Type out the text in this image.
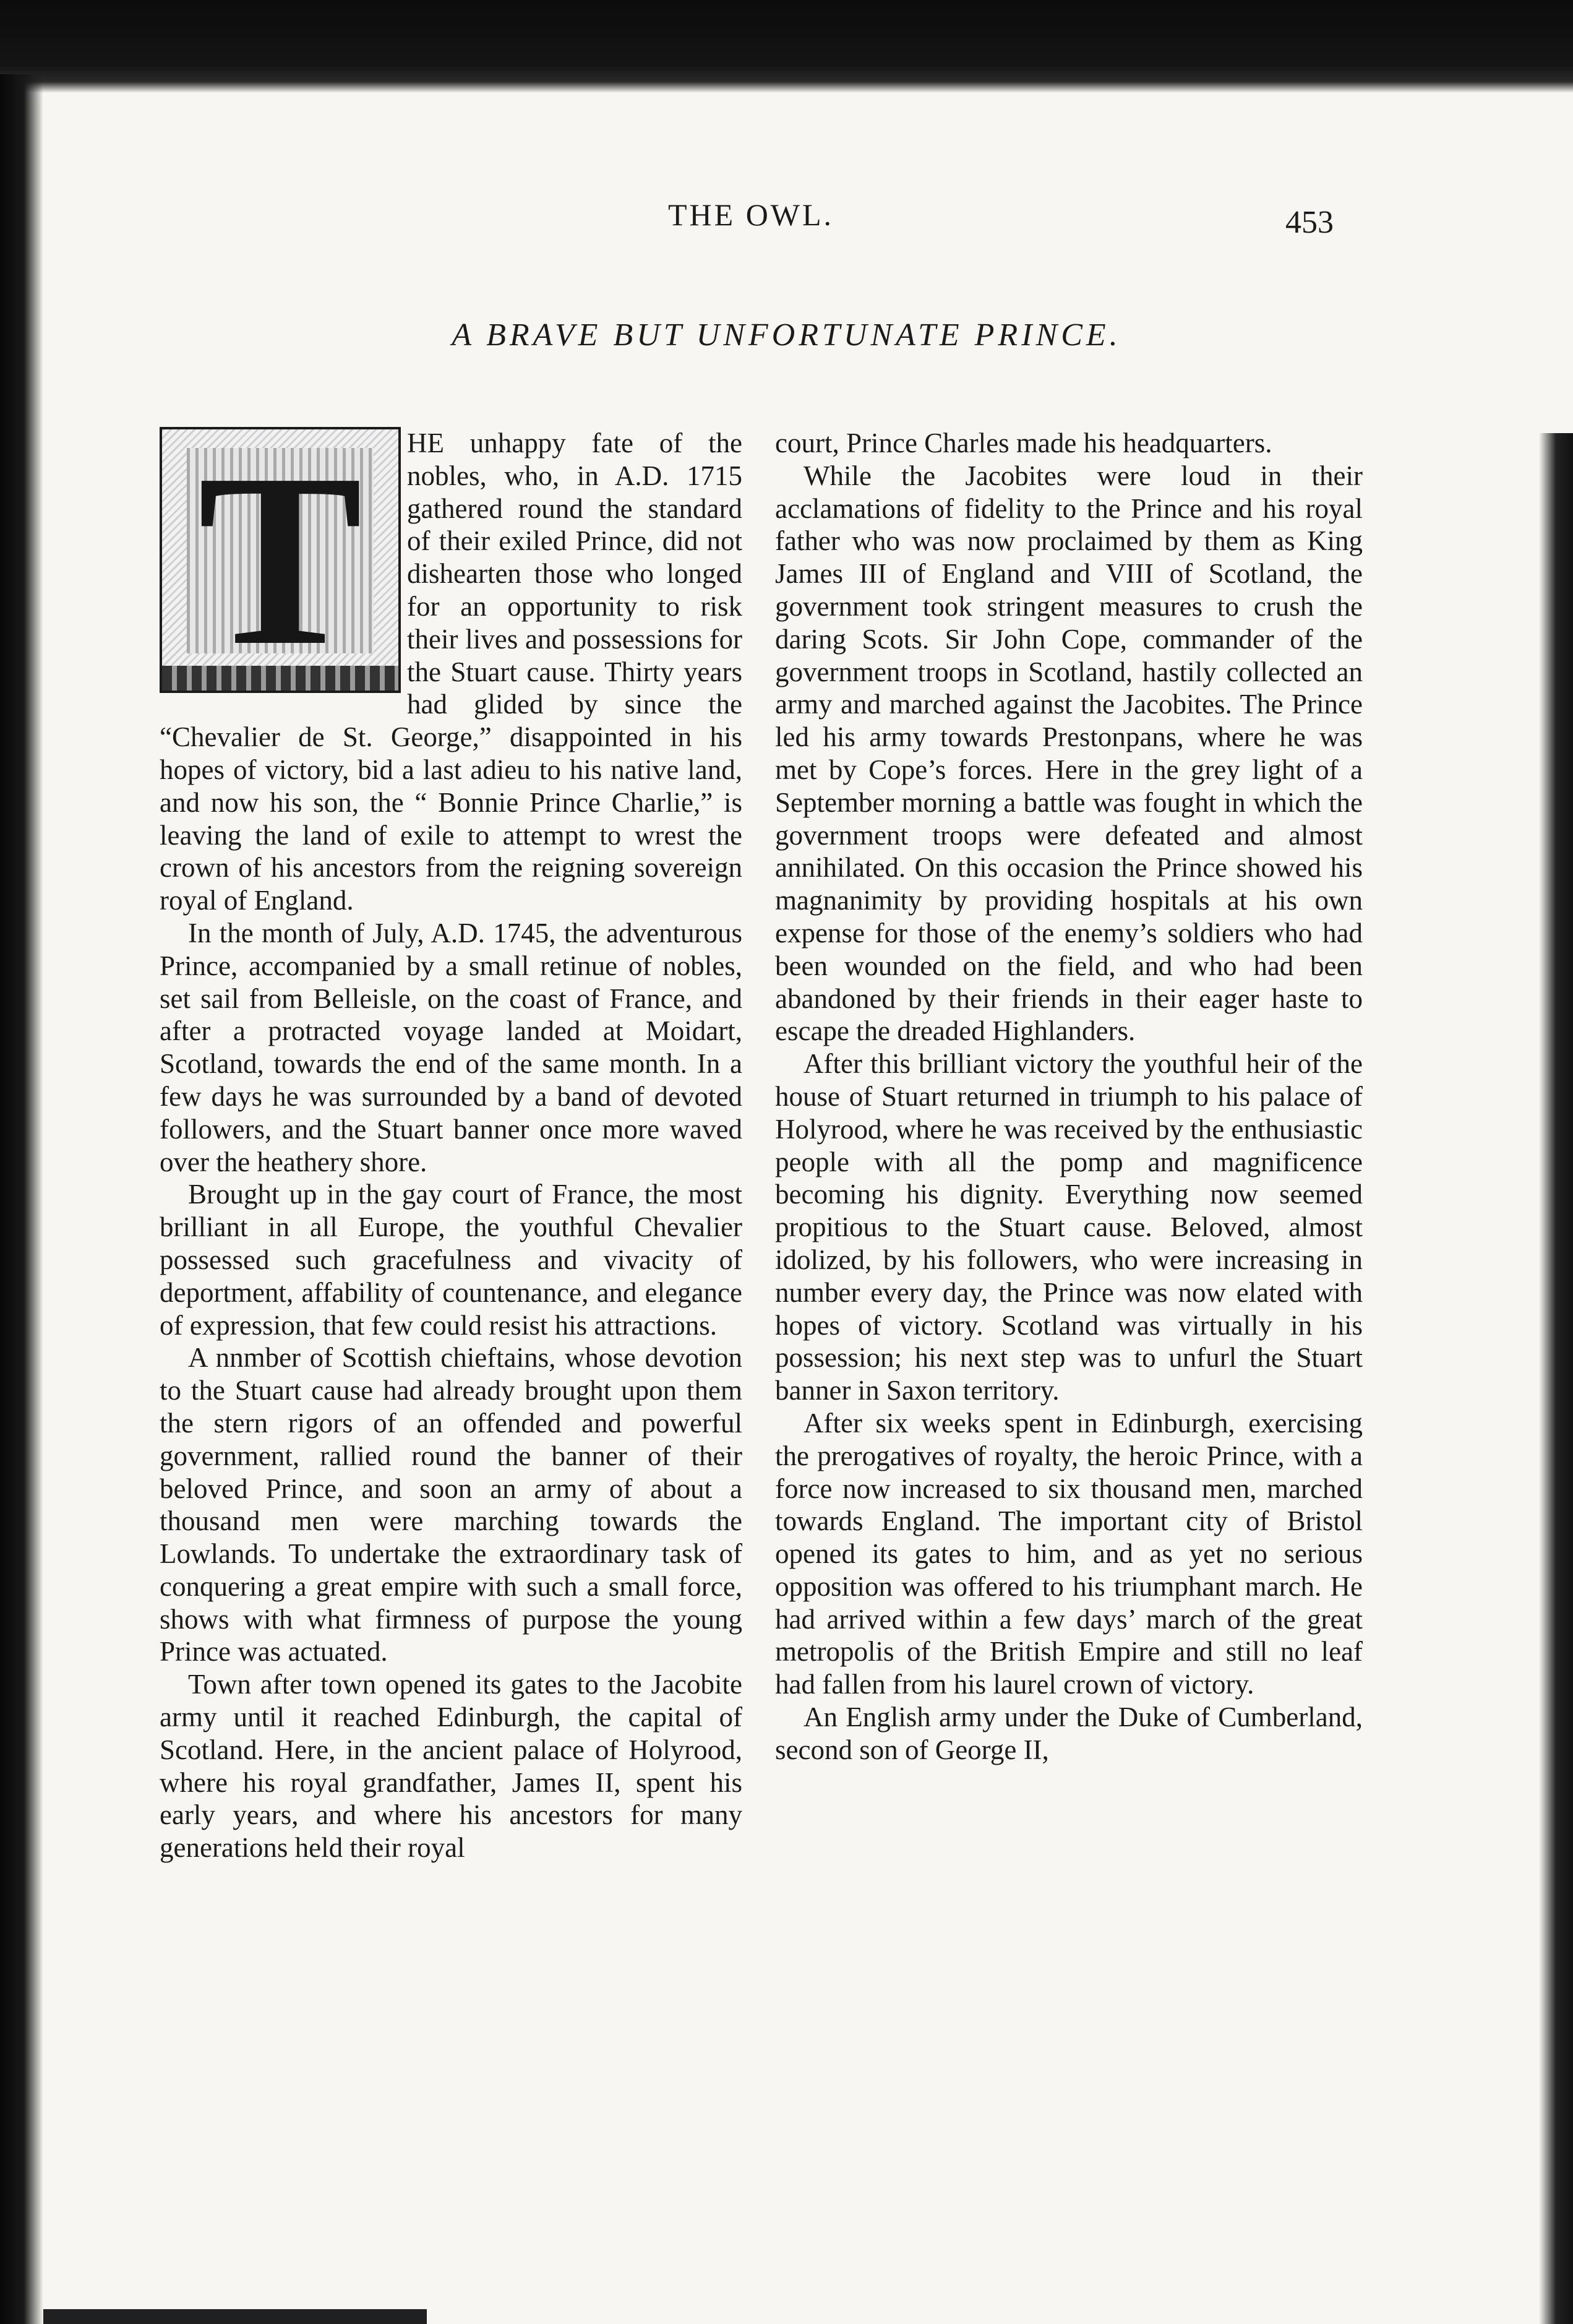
THE OWL.	453
A BRAVE BUT UNFORTUNATE PRINCE.
T	HE unhappy fate of the nobles, who, in A.D. 1715 gathered round the standard of their exiled Prince, did not dishearten those who longed for an opportunity to risk their lives and possessions for the Stuart cause. Thirty years had glided by since the “Chevalier de St. George,” disappointed in his hopes of victory, bid a last adieu to his native land, and now his son, the “ Bonnie Prince Charlie,” is leaving the land of exile to attempt to wrest the crown of his ancestors from the reigning sovereign royal of England.

In the month of July, A.D. 1745, the adventurous Prince, accompanied by a small retinue of nobles, set sail from Belleisle, on the coast of France, and after a protracted voyage landed at Moidart, Scotland, towards the end of the same month. In a few days he was surrounded by a band of devoted followers, and the Stuart banner once more waved over the heathery shore.

Brought up in the gay court of France, the most brilliant in all Europe, the youthful Chevalier possessed such gracefulness and vivacity of deportment, affability of countenance, and elegance of expression, that few could resist his attractions.

A nnmber of Scottish chieftains, whose devotion to the Stuart cause had already brought upon them the stern rigors of an offended and powerful government, rallied round the banner of their beloved Prince, and soon an army of about a thousand men were marching towards the Lowlands. To undertake the extraordinary task of conquering a great empire with such a small force, shows with what firmness of purpose the young Prince was actuated.

Town after town opened its gates to the Jacobite army until it reached Edinburgh, the capital of Scotland. Here, in the ancient palace of Holyrood, where his royal grandfather, James II, spent his early years, and where his ancestors for many generations held their royal

court, Prince Charles made his headquarters.

While the Jacobites were loud in their acclamations of fidelity to the Prince and his royal father who was now proclaimed by them as King James III of England and VIII of Scotland, the government took stringent measures to crush the daring Scots. Sir John Cope, commander of the government troops in Scotland, hastily collected an army and marched against the Jacobites. The Prince led his army towards Prestonpans, where he was met by Cope’s forces. Here in the grey light of a September morning a battle was fought in which the government troops were defeated and almost annihilated. On this occasion the Prince showed his magnanimity by providing hospitals at his own expense for those of the enemy’s soldiers who had been wounded on the field, and who had been abandoned by their friends in their eager haste to escape the dreaded Highlanders.

After this brilliant victory the youthful heir of the house of Stuart returned in triumph to his palace of Holyrood, where he was received by the enthusiastic people with all the pomp and magnificence becoming his dignity. Everything now seemed propitious to the Stuart cause. Beloved, almost idolized, by his followers, who were increasing in number every day, the Prince was now elated with hopes of victory. Scotland was virtually in his possession; his next step was to unfurl the Stuart banner in Saxon territory.

After six weeks spent in Edinburgh, exercising the prerogatives of royalty, the heroic Prince, with a force now increased to six thousand men, marched towards England. The important city of Bristol opened its gates to him, and as yet no serious opposition was offered to his triumphant march. He had arrived within a few days’ march of the great metropolis of the British Empire and still no leaf had fallen from his laurel crown of victory.

An English army under the Duke of Cumberland, second son of George II,
